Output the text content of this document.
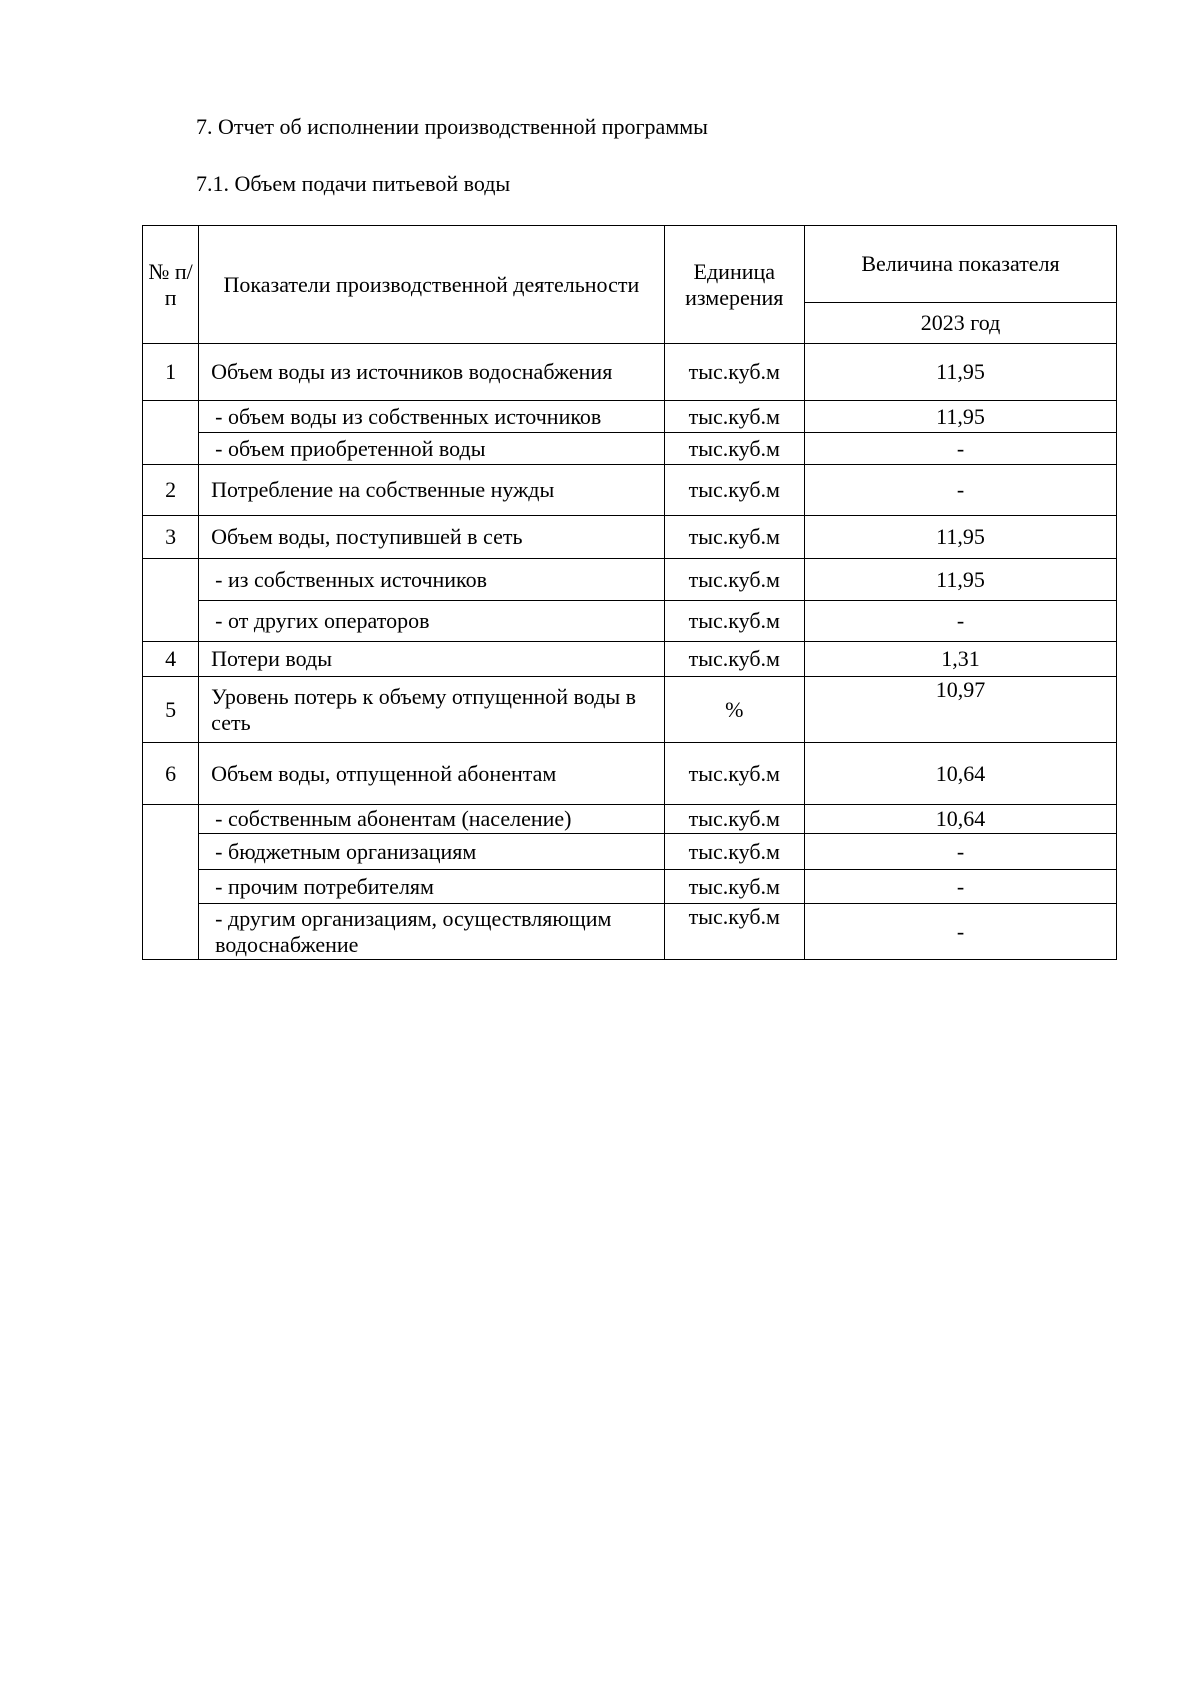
7. Отчет об исполнении производственной программы
7.1. Объем подачи питьевой воды
№ п/п	Показатели производственной деятельности	Единица измерения	Величина показателя
			2023 год
1	Объем воды из источников водоснабжения	тыс.куб.м	11,95
	- объем воды из собственных источников	тыс.куб.м	11,95
	- объем приобретенной воды	тыс.куб.м	-
2	Потребление на собственные нужды	тыс.куб.м	-
3	Объем воды, поступившей в сеть	тыс.куб.м	11,95
	- из собственных источников	тыс.куб.м	11,95
	- от других операторов	тыс.куб.м	-
4	Потери воды	тыс.куб.м	1,31
5	Уровень потерь к объему отпущенной воды в сеть	%	10,97
6	Объем воды, отпущенной абонентам	тыс.куб.м	10,64
	- собственным абонентам (население)	тыс.куб.м	10,64
	- бюджетным организациям	тыс.куб.м	-
	- прочим потребителям	тыс.куб.м	-
	- другим организациям, осуществляющим водоснабжение	тыс.куб.м	-
